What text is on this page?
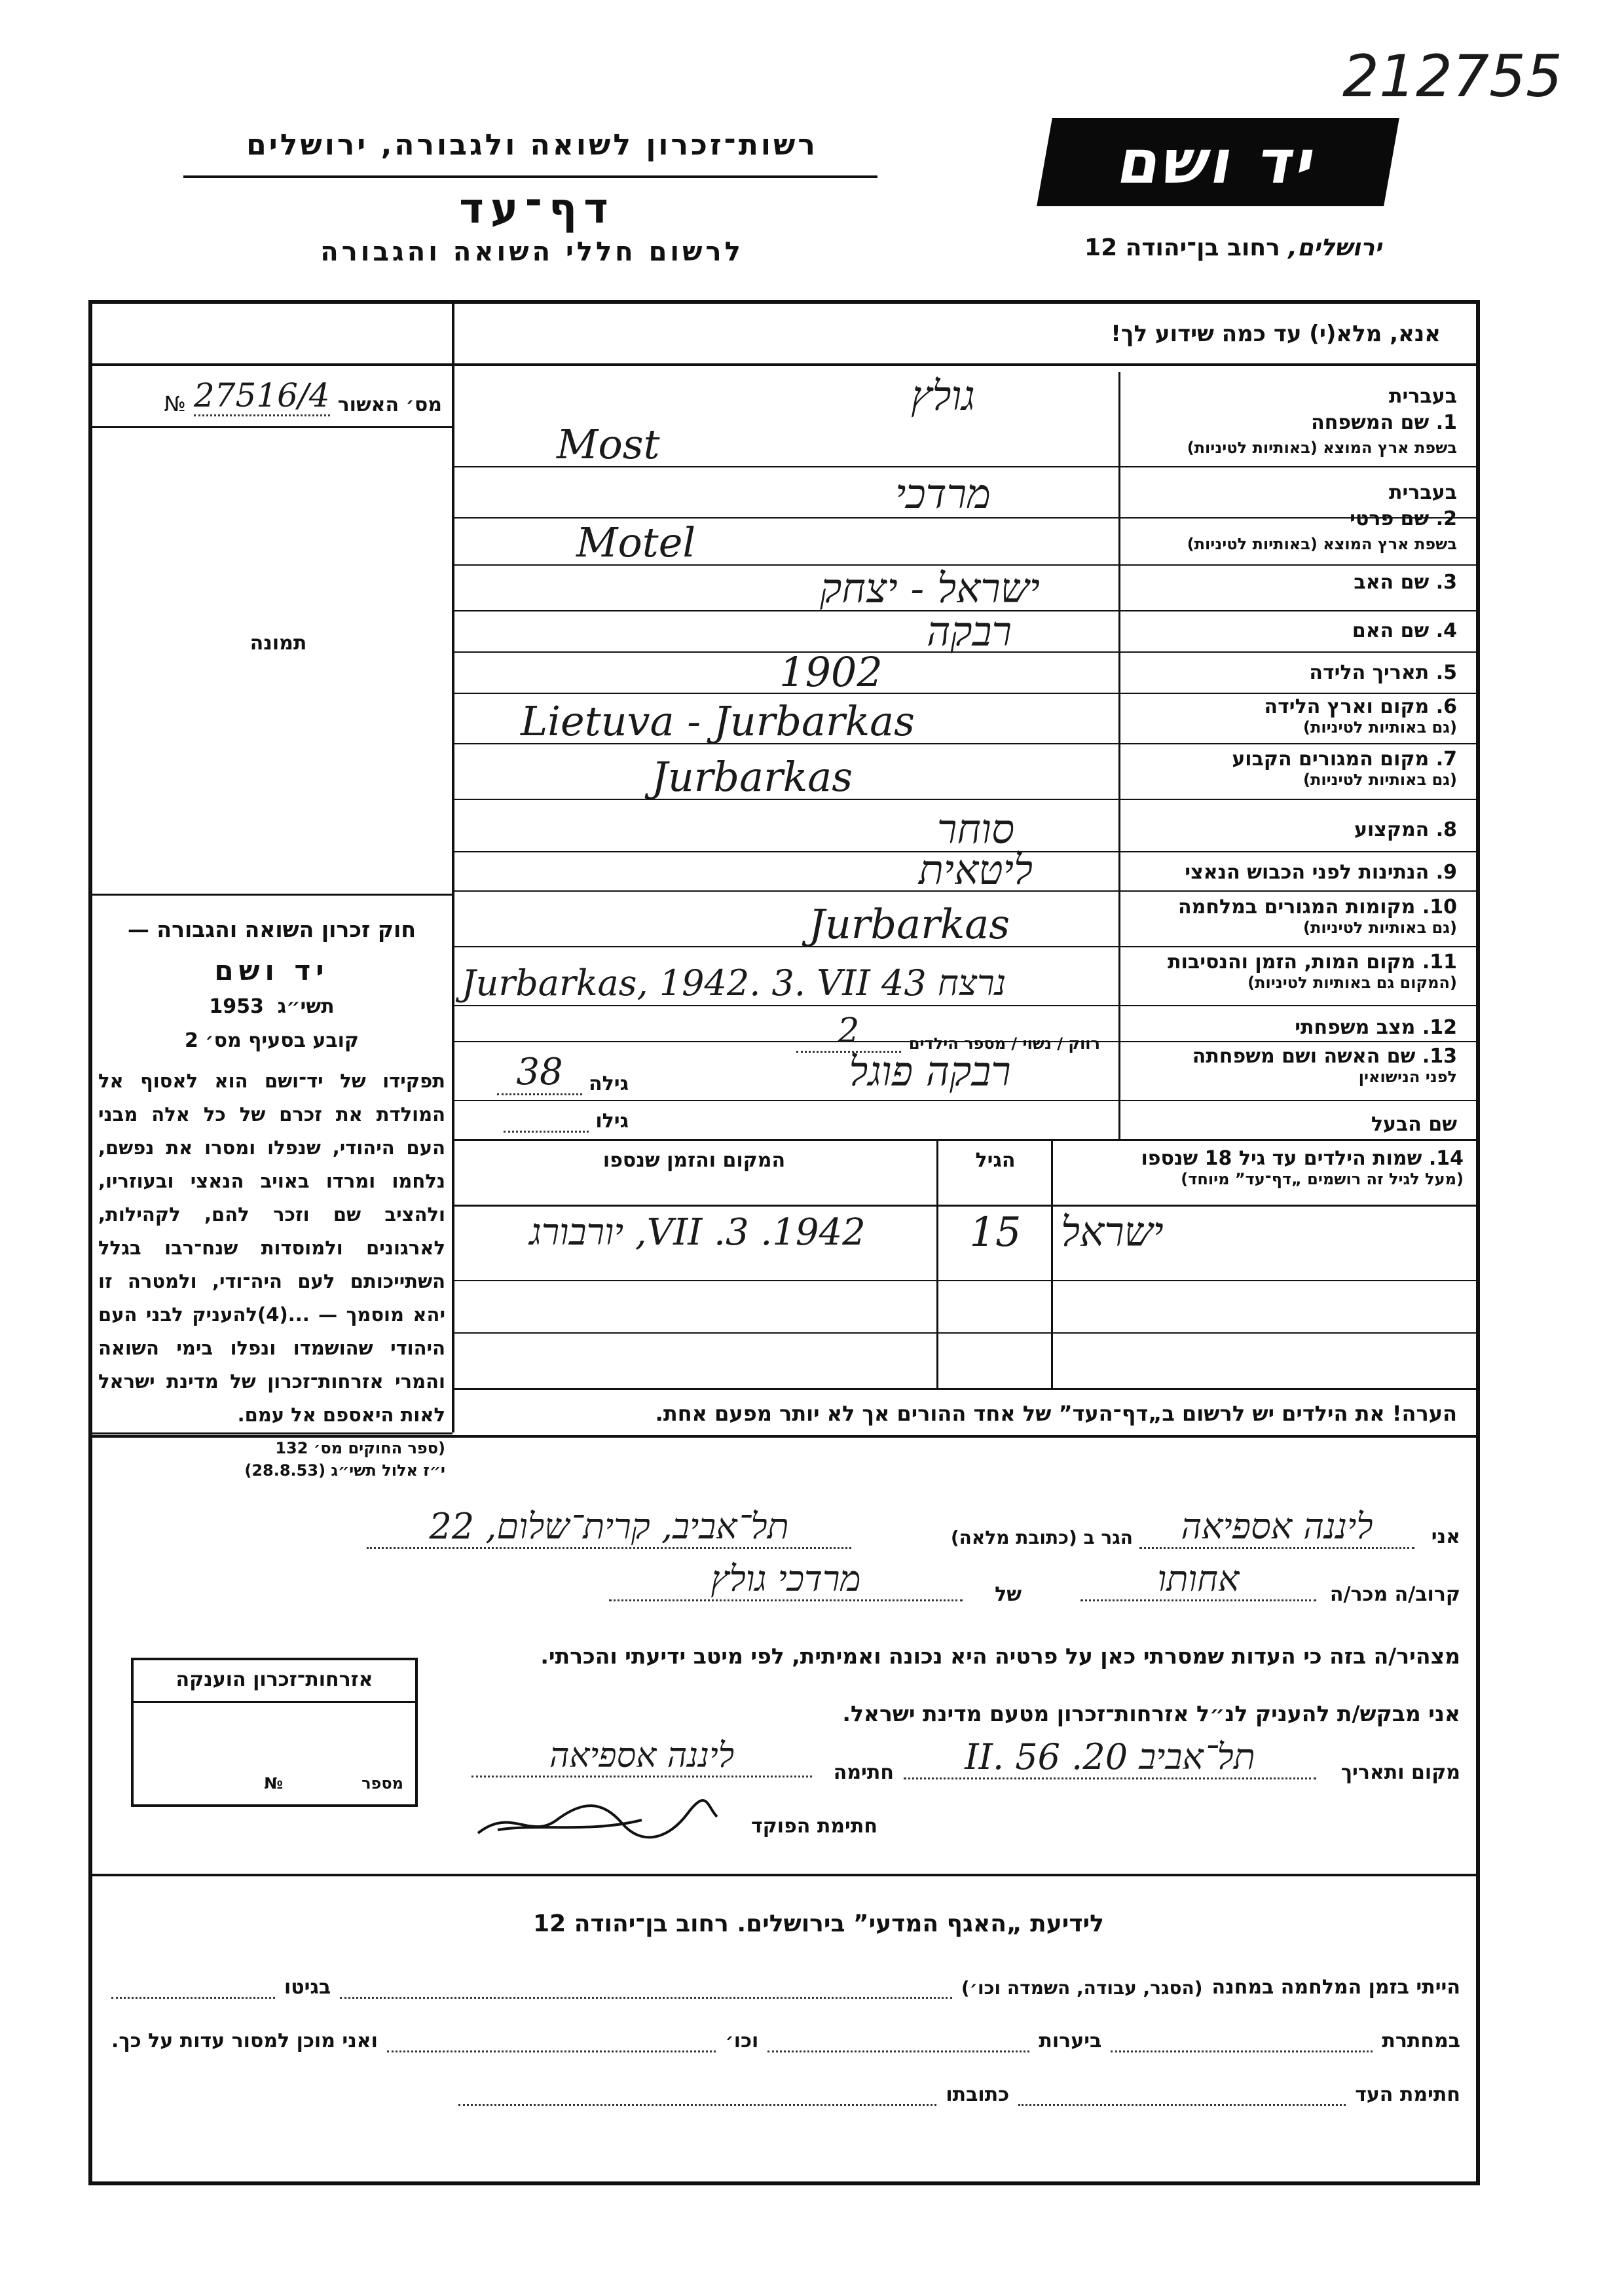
212755
רשות־זכרון לשואה ולגבורה, ירושלים
דף־עד
לרשום חללי השואה והגבורה
יד ושם
ירושלים, רחוב בן־יהודה 12
אנא, מלא(י) עד כמה שידוע לך!
מס׳ האשור
27516/4
№
תמונה
חוק זכרון השואה והגבורה —
יד ושם
תשי״ג  1953
קובע בסעיף מס׳ 2
תפקידו של יד־ושם הוא לאסוף אל המולדת את זכרם של כל אלה מבני העם היהודי, שנפלו ומסרו את נפשם, נלחמו ומרדו באויב הנאצי ובעוזריו, ולהציב שם וזכר להם, לקהילות, לארגונים ולמוסדות שנח־רבו בגלל השתייכותם לעם היה־ודי, ולמטרה זו יהא מוסמך — ...(4)להעניק לבני העם היהודי שהושמדו ונפלו בימי השואה והמרי אזרחות־זכרון של מדינת ישראל לאות היאספם אל עמם.
(ספר החוקים מס׳ 132
י״ז אלול תשי״ג (28.8.53)
בעברית
1. שם המשפחה
בשפת ארץ המוצא (באותיות לטיניות)
גולץ
Most
בעברית
2. שם פרטי
בשפת ארץ המוצא (באותיות לטיניות)
מרדכי
Motel
3. שם האב
ישראל - יצחק
4. שם האם
רבקה
5. תאריך הלידה
1902
6. מקום וארץ הלידה
(גם באותיות לטיניות)
Lietuva - Jurbarkas
7. מקום המגורים הקבוע
(גם באותיות לטיניות)
Jurbarkas
8. המקצוע
סוחר
9. הנתינות לפני הכבוש הנאצי
ליטאית
10. מקומות המגורים במלחמה
(גם באותיות לטיניות)
Jurbarkas
11. מקום המות, הזמן והנסיבות
(המקום גם באותיות לטיניות)
Jurbarkas, 1942. 3. VII נרצח 43
רווק / נשוי / מספר הילדים
2	12. מצב משפחתי
13. שם האשה ושם משפחתה
לפני הנישואין
רבקה פוגל
גילה
38
שם הבעל
גילו
14. שמות הילדים עד גיל 18 שנספו
(מעל לגיל זה רושמים „דף־עד” מיוחד)
הגיל
המקום והזמן שנספו
ישראל
15
1942. 3. VII, יורבורג
הערה! את הילדים יש לרשום ב„דף־העד” של אחד ההורים אך לא יותר מפעם אחת.
אני
ליננה אספיאה
הגר ב (כתובת מלאה)
תל־אביב, קרית־שלום, 22
קרוב/ה מכר/ה
אחותו
של
מרדכי גולץ
מצהיר/ה בזה כי העדות שמסרתי כאן על פרטיה היא נכונה ואמיתית, לפי מיטב ידיעתי והכרתי.
אני מבקש/ת להעניק לנ״ל אזרחות־זכרון מטעם מדינת ישראל.
מקום ותאריך
תל־אביב 20. II. 56
חתימה
ליננה אספיאה
חתימת הפוקד
אזרחות־זכרון הוענקה
מספר
№
לידיעת „האגף המדעי” בירושלים. רחוב בן־יהודה 12
הייתי בזמן המלחמה במחנה
(הסגר, עבודה, השמדה וכו׳)
בגיטו
במחתרת
ביערות
וכו׳
ואני מוכן למסור עדות על כך.
חתימת העד
כתובתו
